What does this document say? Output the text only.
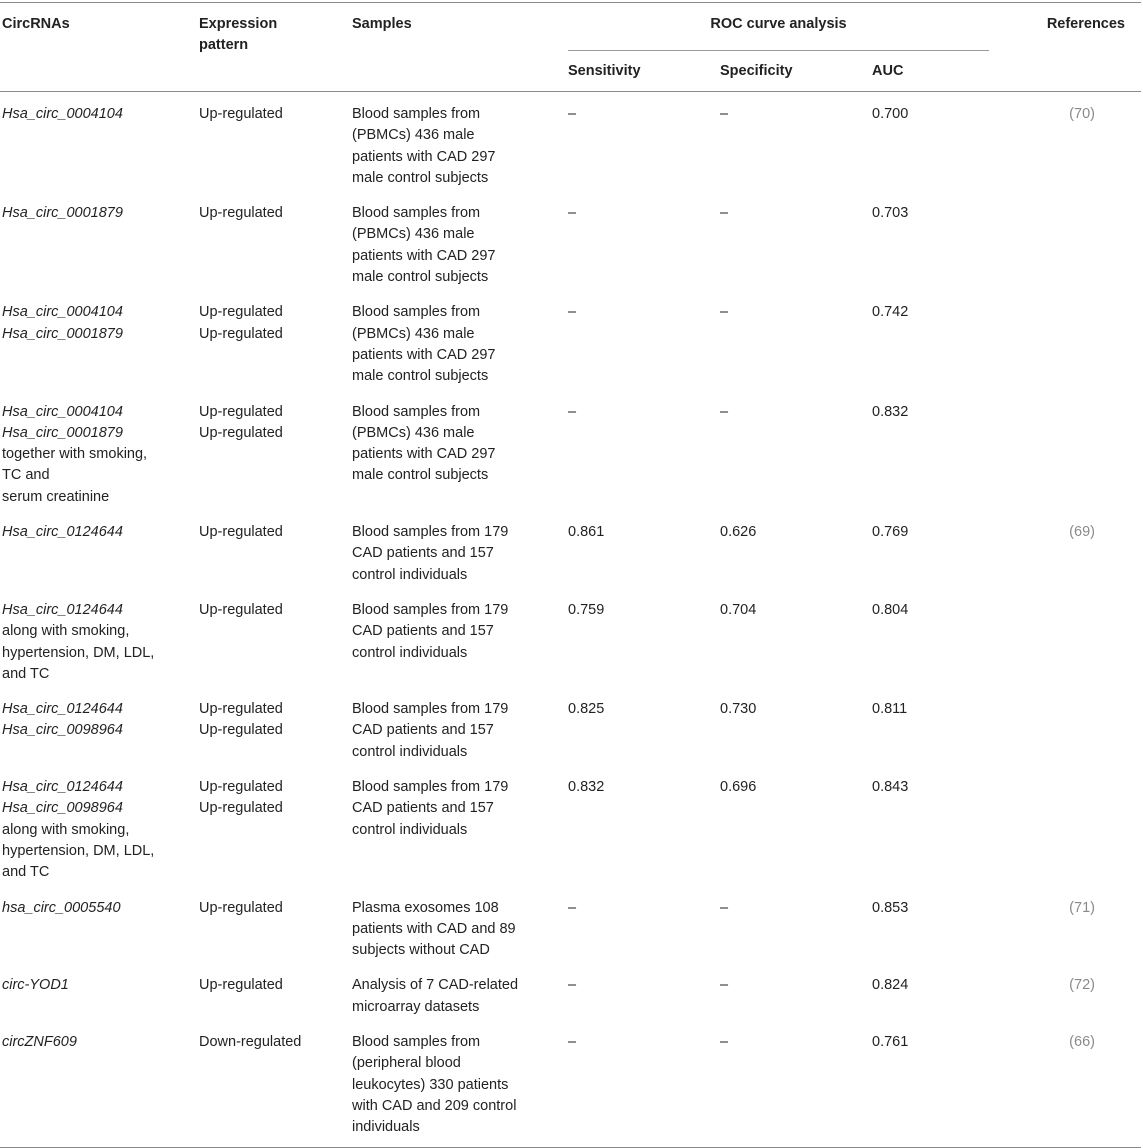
CircRNAs	Expression pattern	Samples	ROC curve analysis			References
			Sensitivity	Specificity	AUC	

Hsa_circ_0004104	Up-regulated	Blood samples from
(PBMCs) 436 male
patients with CAD 297
male control subjects	–	–	0.700	(70)

Hsa_circ_0001879	Up-regulated	Blood samples from
(PBMCs) 436 male
patients with CAD 297
male control subjects	–	–	0.703	

Hsa_circ_0004104
Hsa_circ_0001879	Up-regulated
Up-regulated	Blood samples from
(PBMCs) 436 male
patients with CAD 297
male control subjects	–	–	0.742	

Hsa_circ_0004104
Hsa_circ_0001879
together with smoking,
TC and
serum creatinine	Up-regulated
Up-regulated	Blood samples from
(PBMCs) 436 male
patients with CAD 297
male control subjects	–	–	0.832	

Hsa_circ_0124644	Up-regulated	Blood samples from 179
CAD patients and 157
control individuals	0.861	0.626	0.769	(69)

Hsa_circ_0124644
along with smoking,
hypertension, DM, LDL,
and TC	Up-regulated	Blood samples from 179
CAD patients and 157
control individuals	0.759	0.704	0.804	

Hsa_circ_0124644
Hsa_circ_0098964	Up-regulated
Up-regulated	Blood samples from 179
CAD patients and 157
control individuals	0.825	0.730	0.811	

Hsa_circ_0124644
Hsa_circ_0098964
along with smoking,
hypertension, DM, LDL,
and TC	Up-regulated
Up-regulated	Blood samples from 179
CAD patients and 157
control individuals	0.832	0.696	0.843	

hsa_circ_0005540	Up-regulated	Plasma exosomes 108
patients with CAD and 89
subjects without CAD	–	–	0.853	(71)

circ-YOD1	Up-regulated	Analysis of 7 CAD-related
microarray datasets	–	–	0.824	(72)

circZNF609	Down-regulated	Blood samples from
(peripheral blood
leukocytes) 330 patients
with CAD and 209 control
individuals	–	–	0.761	(66)
